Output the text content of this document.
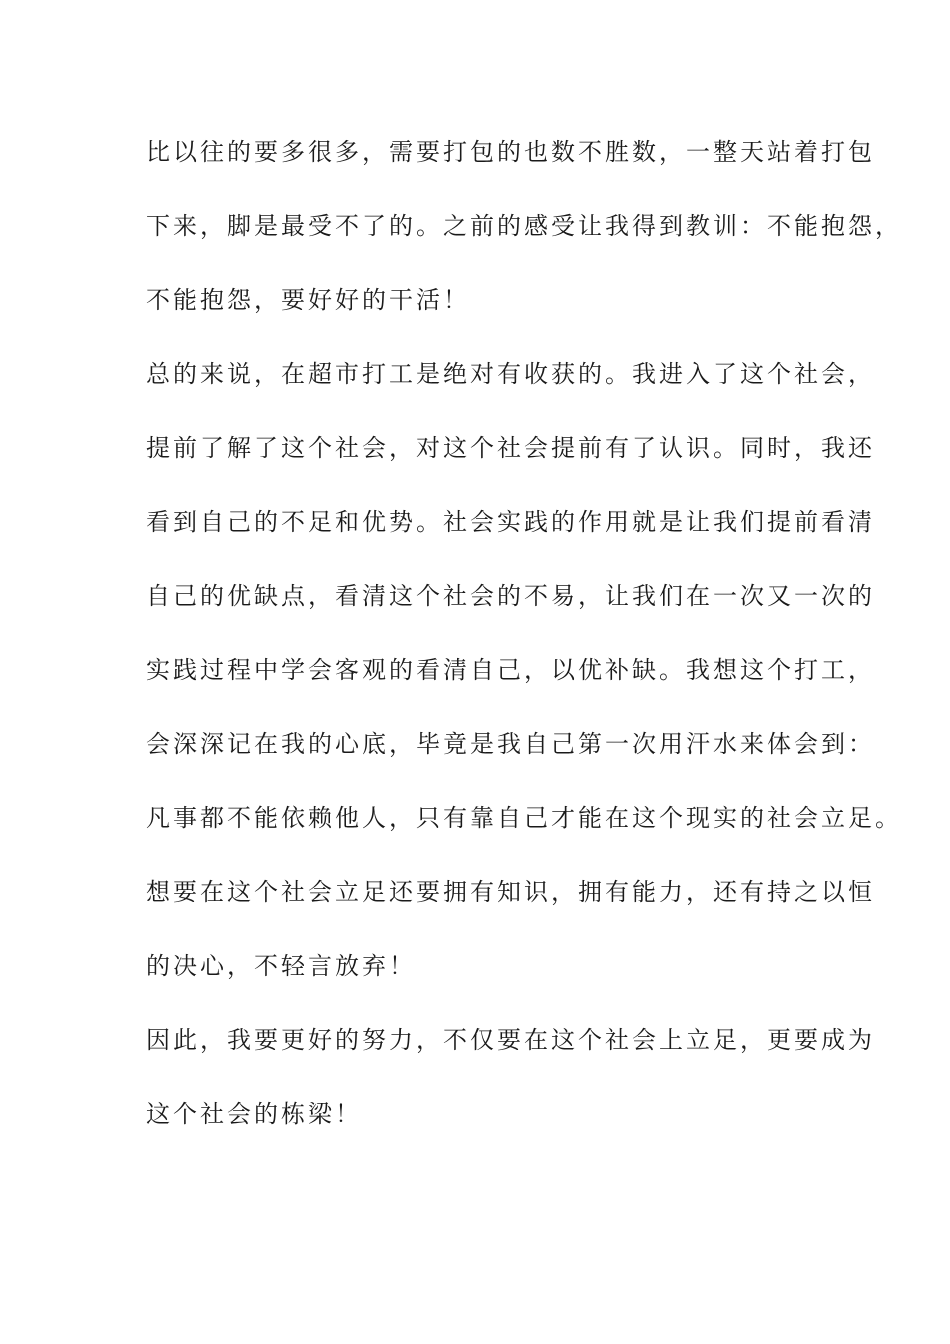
比以往的要多很多，需要打包的也数不胜数，一整天站着打包
下来，脚是最受不了的。之前的感受让我得到教训：不能抱怨，
不能抱怨，要好好的干活！
总的来说，在超市打工是绝对有收获的。我进入了这个社会，
提前了解了这个社会，对这个社会提前有了认识。同时，我还
看到自己的不足和优势。社会实践的作用就是让我们提前看清
自己的优缺点，看清这个社会的不易，让我们在一次又一次的
实践过程中学会客观的看清自己，以优补缺。我想这个打工，
会深深记在我的心底，毕竟是我自己第一次用汗水来体会到：
凡事都不能依赖他人，只有靠自己才能在这个现实的社会立足。
想要在这个社会立足还要拥有知识，拥有能力，还有持之以恒
的决心，不轻言放弃！
因此，我要更好的努力，不仅要在这个社会上立足，更要成为
这个社会的栋梁！
